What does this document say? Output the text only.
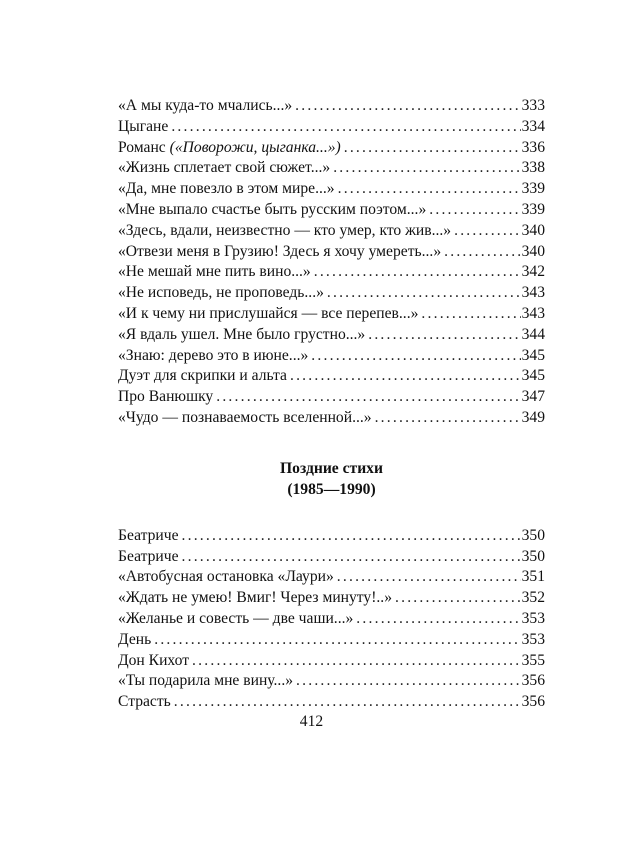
«А мы куда-то мчались...» .....	333
Цыгане .....	334
Романс («Поворожи, цыганка...») .....	336
«Жизнь сплетает свой сюжет...» .....	338
«Да, мне повезло в этом мире...» .....	339
«Мне выпало счастье быть русским поэтом...» .....	339
«Здесь, вдали, неизвестно — кто умер, кто жив...» .....	340
«Отвези меня в Грузию! Здесь я хочу умереть...» .....	340
«Не мешай мне пить вино...» .....	342
«Не исповедь, не проповедь...» .....	343
«И к чему ни прислушайся — все перепев...» .....	343
«Я вдаль ушел. Мне было грустно...» .....	344
«Знаю: дерево это в июне...» .....	345
Дуэт для скрипки и альта .....	345
Про Ванюшку .....	347
«Чудо — познаваемость вселенной...» .....	349
Поздние стихи
(1985—1990)
Беатриче .....	350
Беатриче .....	350
«Автобусная остановка «Лаури» .....	351
«Ждать не умею! Вмиг! Через минуту!..» .....	352
«Желанье и совесть — две чаши...» .....	353
День .....	353
Дон Кихот .....	355
«Ты подарила мне вину...» .....	356
Страсть .....	356
412
